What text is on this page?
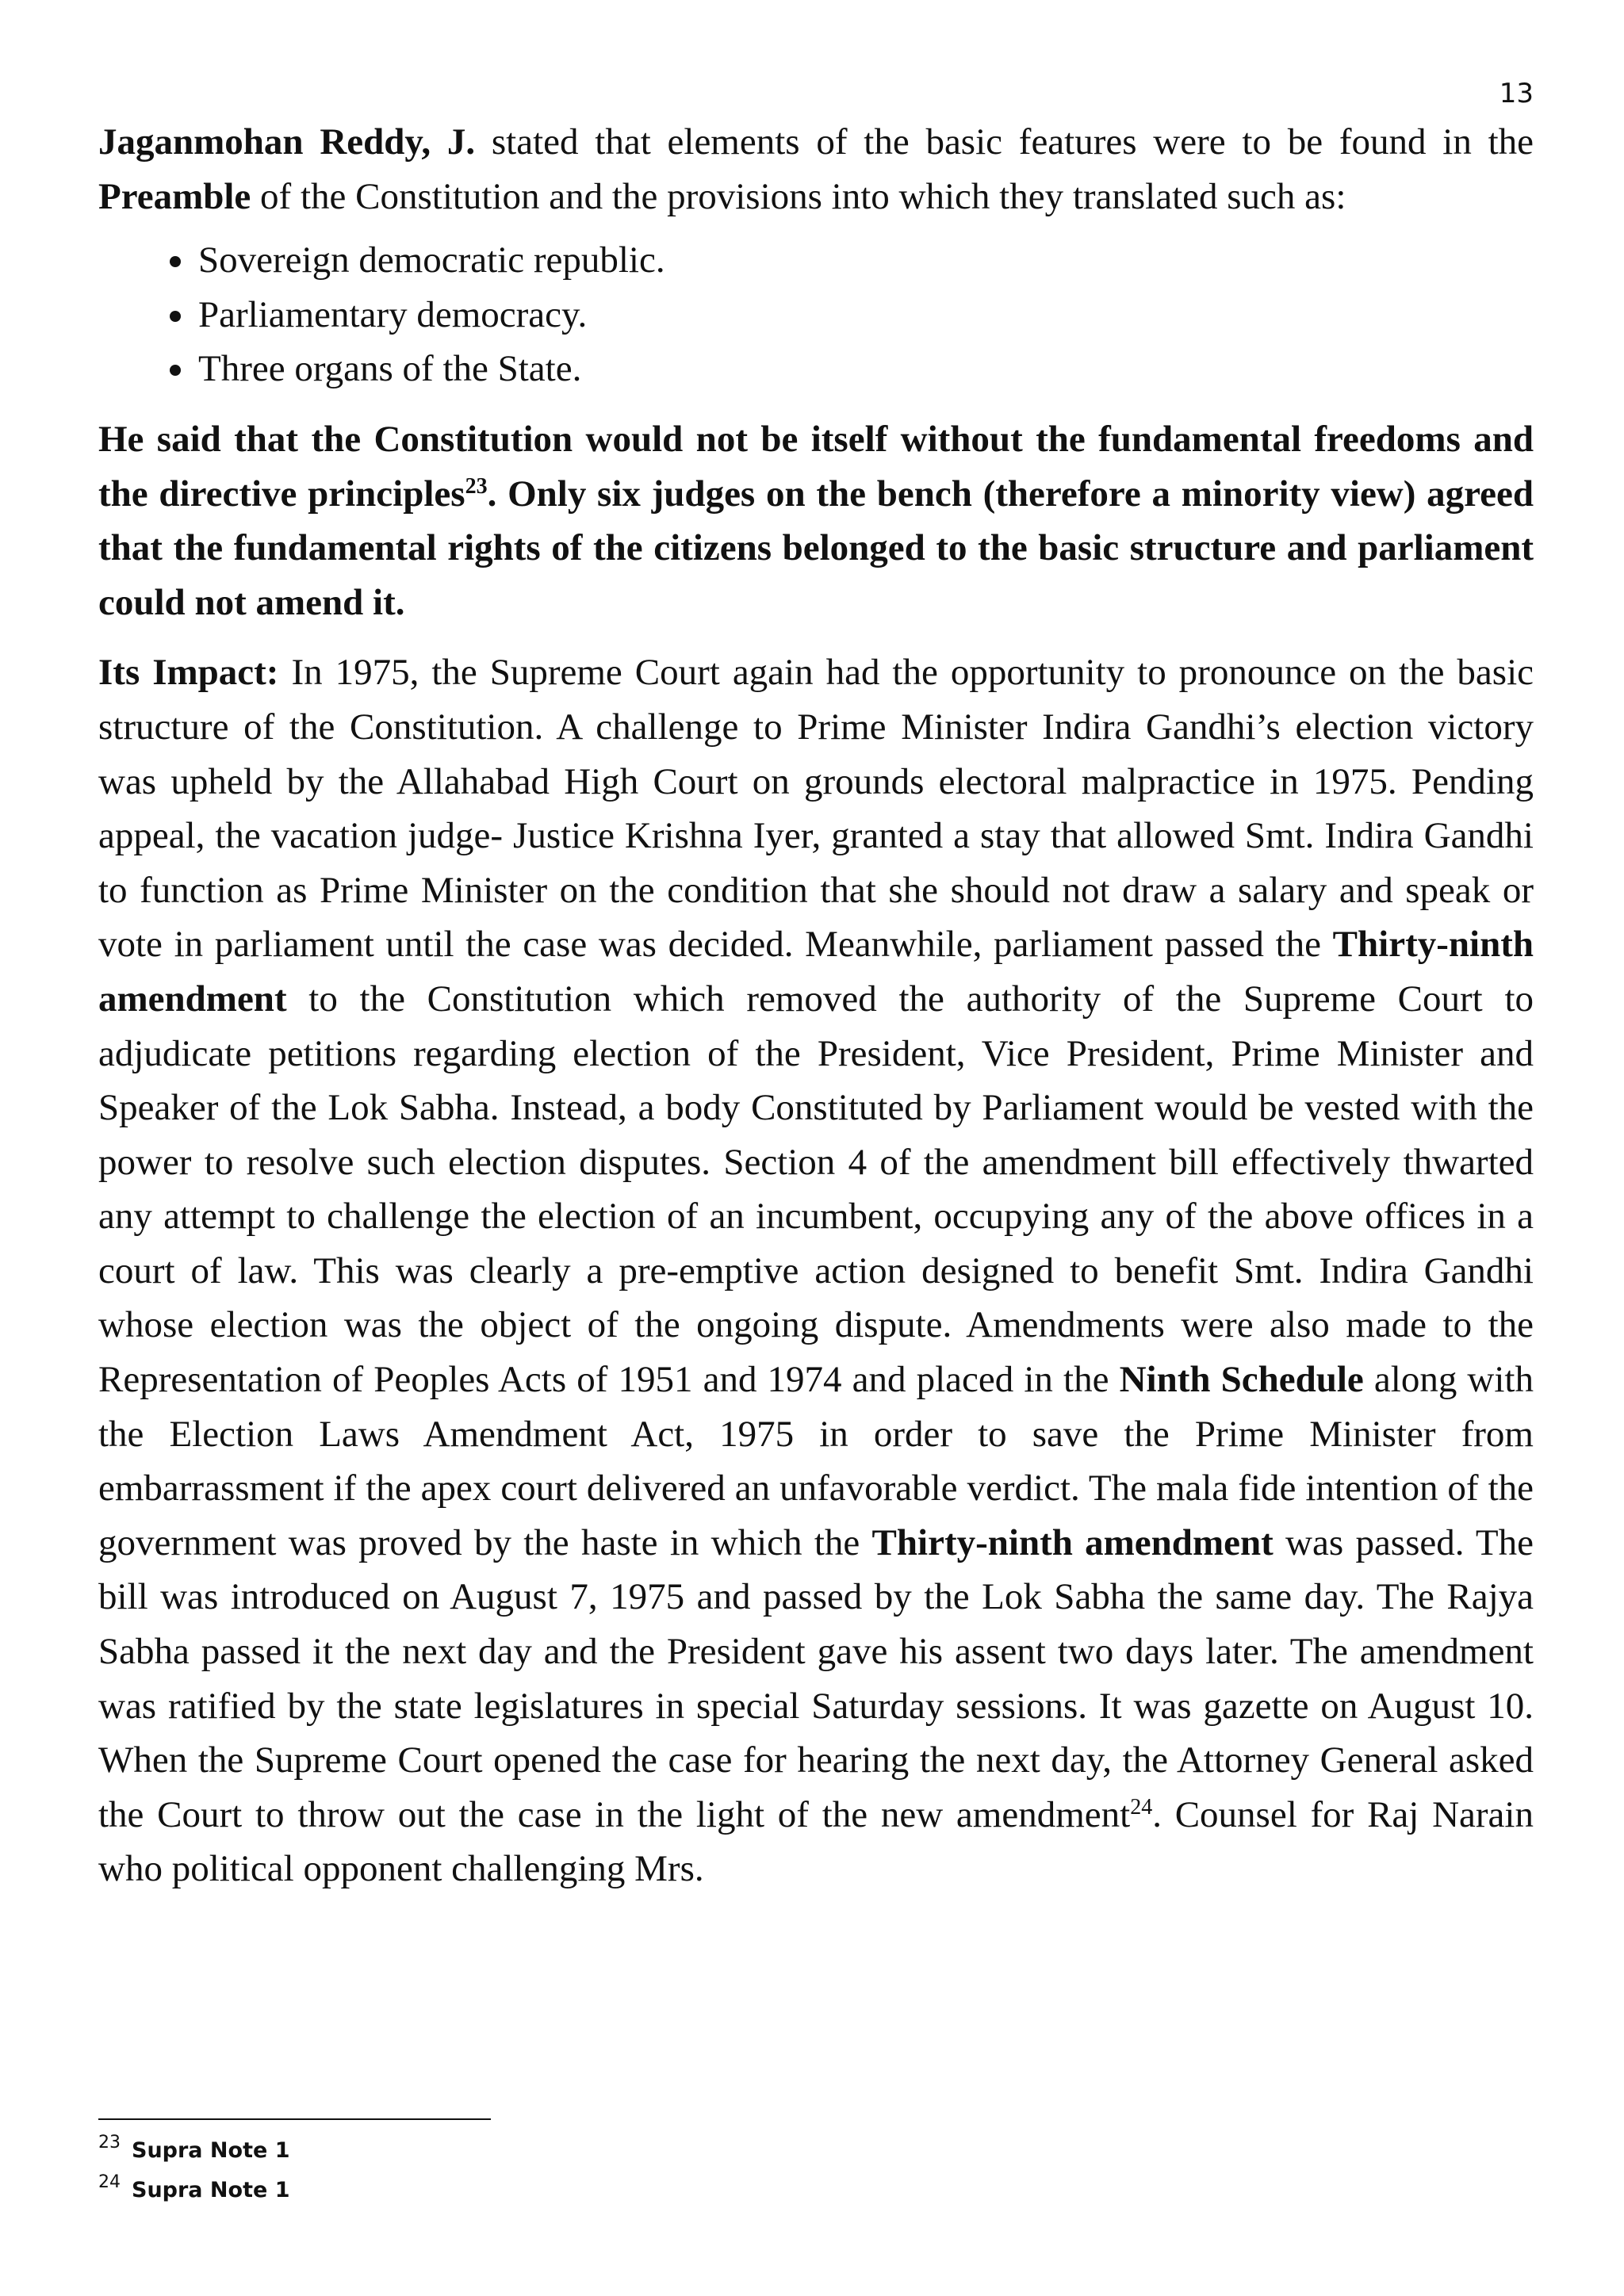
13

Jaganmohan Reddy, J. stated that elements of the basic features were to be found in the Preamble of the Constitution and the provisions into which they translated such as:

• Sovereign democratic republic.
• Parliamentary democracy.
• Three organs of the State.

He said that the Constitution would not be itself without the fundamental freedoms and the directive principles$^{23}$. Only six judges on the bench (therefore a minority view) agreed that the fundamental rights of the citizens belonged to the basic structure and parliament could not amend it.

Its Impact: In 1975, the Supreme Court again had the opportunity to pronounce on the basic structure of the Constitution. A challenge to Prime Minister Indira Gandhi’s election victory was upheld by the Allahabad High Court on grounds electoral malpractice in 1975. Pending appeal, the vacation judge- Justice Krishna Iyer, granted a stay that allowed Smt. Indira Gandhi to function as Prime Minister on the condition that she should not draw a salary and speak or vote in parliament until the case was decided. Meanwhile, parliament passed the Thirty-ninth amendment to the Constitution which removed the authority of the Supreme Court to adjudicate petitions regarding election of the President, Vice President, Prime Minister and Speaker of the Lok Sabha. Instead, a body Constituted by Parliament would be vested with the power to resolve such election disputes. Section 4 of the amendment bill effectively thwarted any attempt to challenge the election of an incumbent, occupying any of the above offices in a court of law. This was clearly a pre-emptive action designed to benefit Smt. Indira Gandhi whose election was the object of the ongoing dispute. Amendments were also made to the Representation of Peoples Acts of 1951 and 1974 and placed in the Ninth Schedule along with the Election Laws Amendment Act, 1975 in order to save the Prime Minister from embarrassment if the apex court delivered an unfavorable verdict. The mala fide intention of the government was proved by the haste in which the Thirty-ninth amendment was passed. The bill was introduced on August 7, 1975 and passed by the Lok Sabha the same day. The Rajya Sabha passed it the next day and the President gave his assent two days later. The amendment was ratified by the state legislatures in special Saturday sessions. It was gazette on August 10. When the Supreme Court opened the case for hearing the next day, the Attorney General asked the Court to throw out the case in the light of the new amendment$^{24}$. Counsel for Raj Narain who political opponent challenging Mrs.

$^{23}$ Supra Note 1
$^{24}$ Supra Note 1
